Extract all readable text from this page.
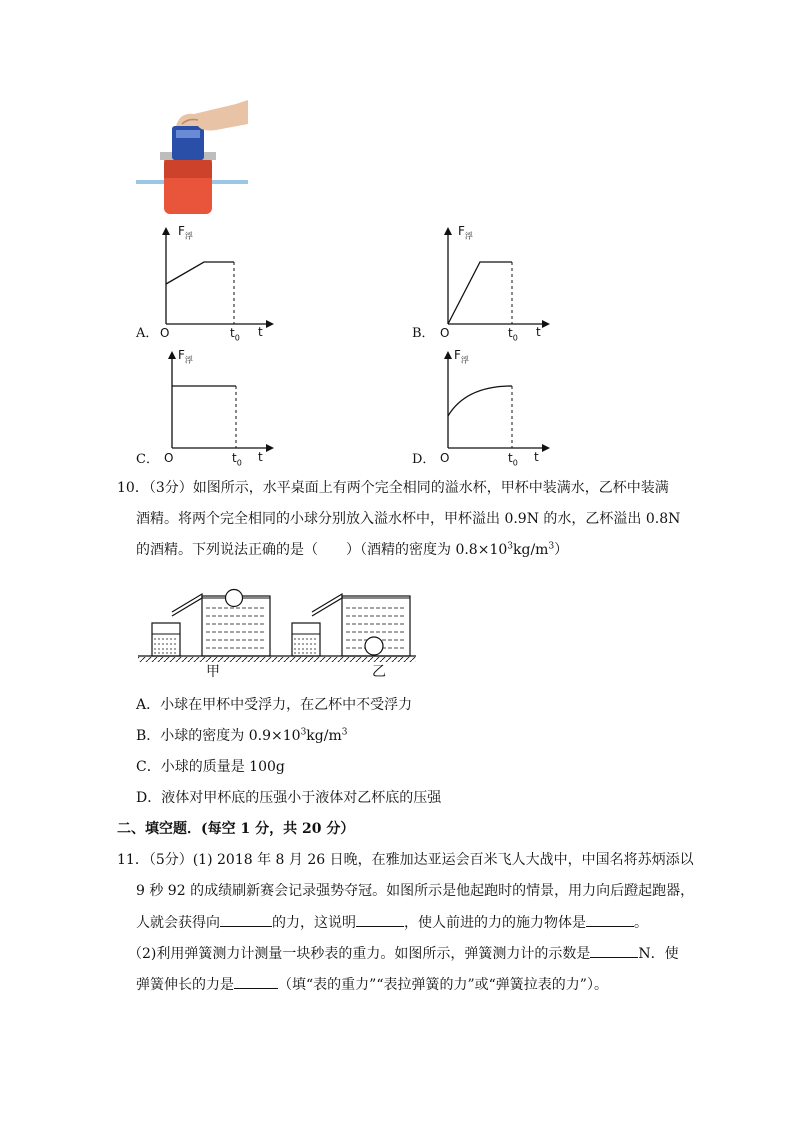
A．
$F_浮$
O	$t_0$ t	B．
$F_浮$
O	$t_0$ t
C．
$F_浮$
O	$t_0$ t	D．
$F_浮$
O	$t_0$ t
10．（3分）如图所示，水平桌面上有两个完全相同的溢水杯，甲杯中装满水，乙杯中装满
酒精。将两个完全相同的小球分别放入溢水杯中，甲杯溢出 0.9N 的水，乙杯溢出 0.8N
的酒精。下列说法正确的是（　　）（酒精的密度为 $0.8\times 10^3kg/m^3$）
甲	乙
A．小球在甲杯中受浮力，在乙杯中不受浮力
B．小球的密度为 $0.9\times 10^3kg/m^3$
C．小球的质量是 100g
D．液体对甲杯底的压强小于液体对乙杯底的压强
二、填空题．(每空 1 分，共 20 分）
11．（5分）(1) 2018 年 8 月 26 日晚，在雅加达亚运会百米飞人大战中，中国名将苏炳添以
9 秒 92 的成绩刷新赛会记录强势夺冠。如图所示是他起跑时的情景，用力向后蹬起跑器，
人就会获得向	的力，这说明	，使人前进的力的施力物体是	。
（2)利用弹簧测力计测量一块秒表的重力。如图所示，弹簧测力计的示数是	N．使
弹簧伸长的力是	（填“表的重力”“表拉弹簧的力”或“弹簧拉表的力”）。
